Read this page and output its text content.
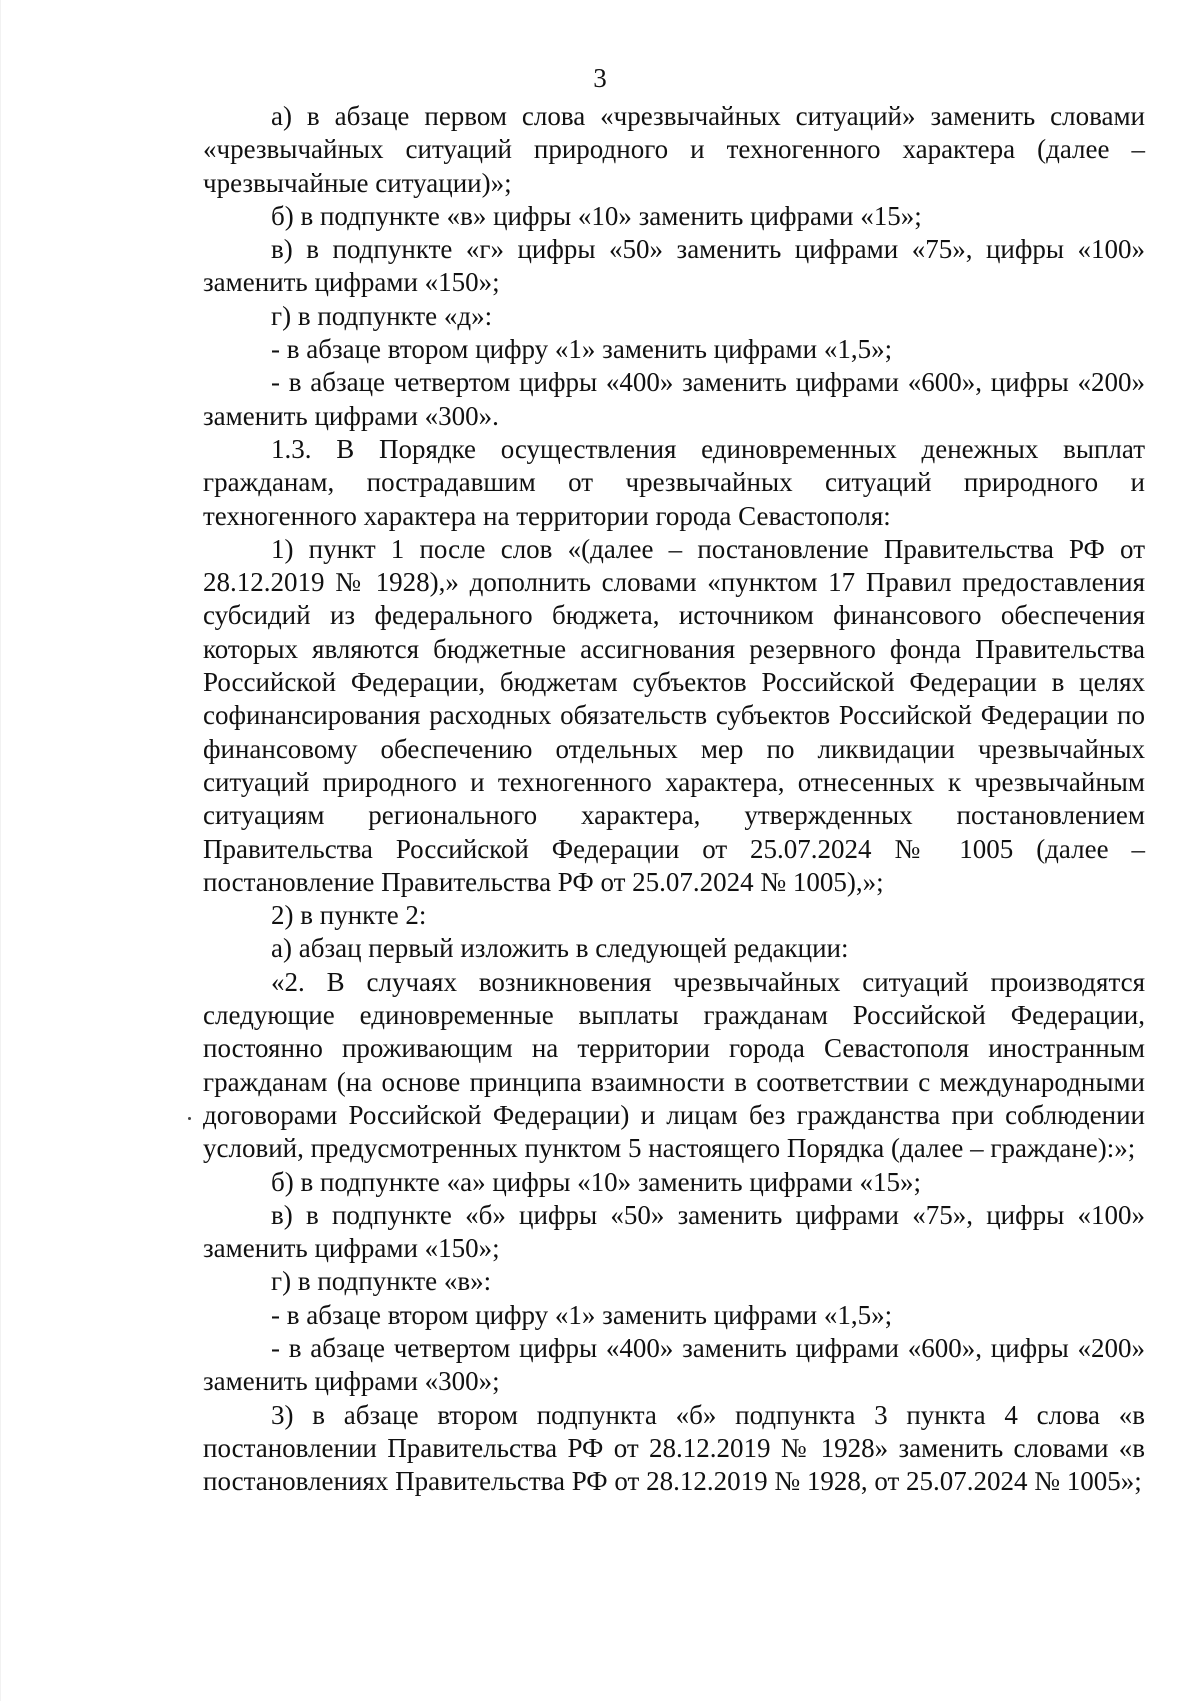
3

а) в абзаце первом слова «чрезвычайных ситуаций» заменить словами «чрезвычайных ситуаций природного и техногенного характера (далее – чрезвычайные ситуации)»;

б) в подпункте «в» цифры «10» заменить цифрами «15»;

в) в подпункте «г» цифры «50» заменить цифрами «75», цифры «100» заменить цифрами «150»;

г) в подпункте «д»:

- в абзаце втором цифру «1» заменить цифрами «1,5»;

- в абзаце четвертом цифры «400» заменить цифрами «600», цифры «200» заменить цифрами «300».

1.3. В Порядке осуществления единовременных денежных выплат гражданам, пострадавшим от чрезвычайных ситуаций природного и техногенного характера на территории города Севастополя:

1) пункт 1 после слов «(далее – постановление Правительства РФ от 28.12.2019 № 1928),» дополнить словами «пунктом 17 Правил предоставления субсидий из федерального бюджета, источником финансового обеспечения которых являются бюджетные ассигнования резервного фонда Правительства Российской Федерации, бюджетам субъектов Российской Федерации в целях софинансирования расходных обязательств субъектов Российской Федерации по финансовому обеспечению отдельных мер по ликвидации чрезвычайных ситуаций природного и техногенного характера, отнесенных к чрезвычайным ситуациям регионального характера, утвержденных постановлением Правительства Российской Федерации от 25.07.2024 № 1005 (далее – постановление Правительства РФ от 25.07.2024 № 1005),»;

2) в пункте 2:

а) абзац первый изложить в следующей редакции:

«2. В случаях возникновения чрезвычайных ситуаций производятся следующие единовременные выплаты гражданам Российской Федерации, постоянно проживающим на территории города Севастополя иностранным гражданам (на основе принципа взаимности в соответствии с международными договорами Российской Федерации) и лицам без гражданства при соблюдении условий, предусмотренных пунктом 5 настоящего Порядка (далее – граждане):»;

б) в подпункте «а» цифры «10» заменить цифрами «15»;

в) в подпункте «б» цифры «50» заменить цифрами «75», цифры «100» заменить цифрами «150»;

г) в подпункте «в»:

- в абзаце втором цифру «1» заменить цифрами «1,5»;

- в абзаце четвертом цифры «400» заменить цифрами «600», цифры «200» заменить цифрами «300»;

3) в абзаце втором подпункта «б» подпункта 3 пункта 4 слова «в постановлении Правительства РФ от 28.12.2019 № 1928» заменить словами «в постановлениях Правительства РФ от 28.12.2019 № 1928, от 25.07.2024 № 1005»;
